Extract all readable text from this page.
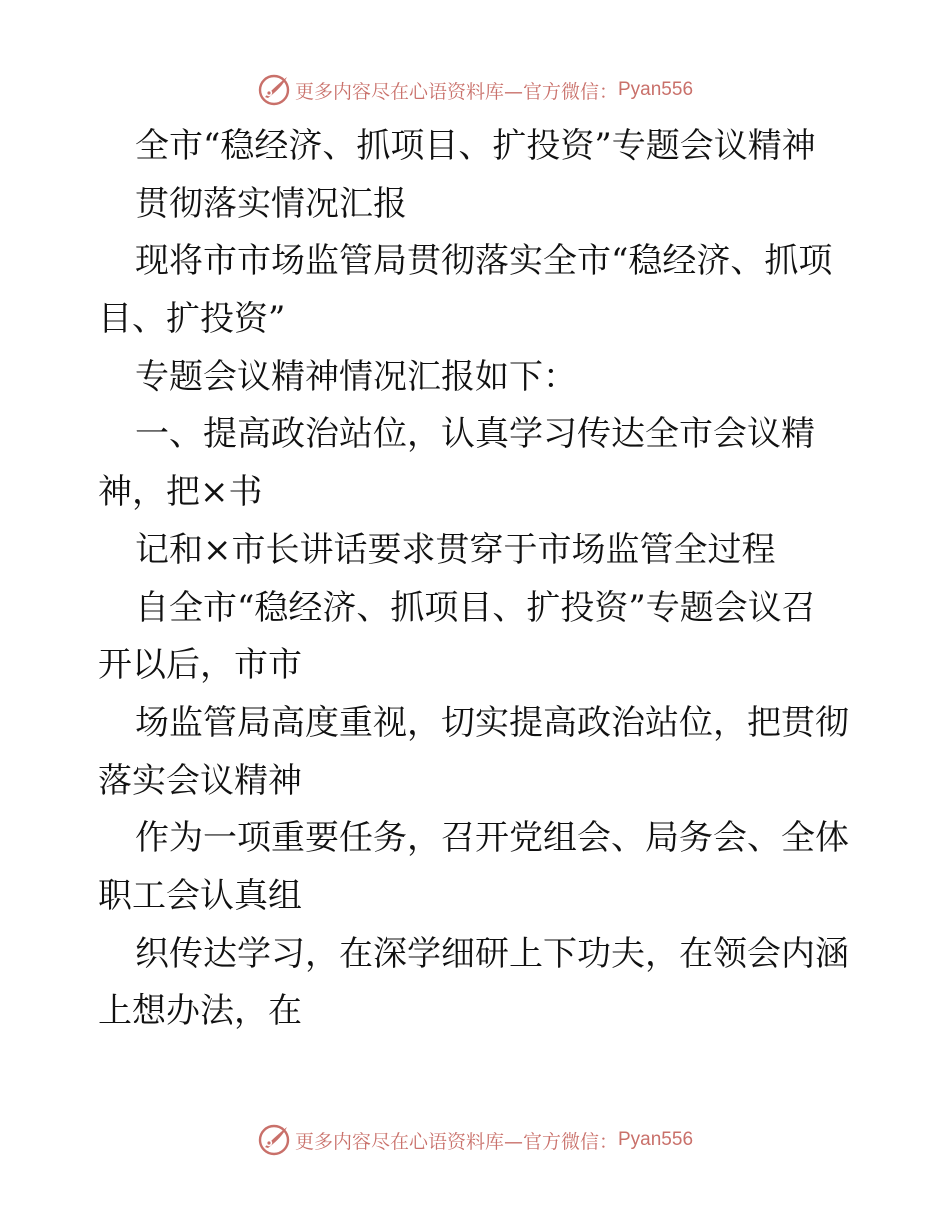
更多内容尽在心语资料库—官方微信： Pyan556
全市“稳经济、抓项目、扩投资”专题会议精神
贯彻落实情况汇报
现将市市场监管局贯彻落实全市“稳经济、抓项
目、扩投资”
专题会议精神情况汇报如下：
一、提高政治站位，认真学习传达全市会议精
神，把×书
记和×市长讲话要求贯穿于市场监管全过程
自全市“稳经济、抓项目、扩投资”专题会议召
开以后，市市
场监管局高度重视，切实提高政治站位，把贯彻
落实会议精神
作为一项重要任务，召开党组会、局务会、全体
职工会认真组
织传达学习，在深学细研上下功夫，在领会内涵
上想办法，在
更多内容尽在心语资料库—官方微信： Pyan556
